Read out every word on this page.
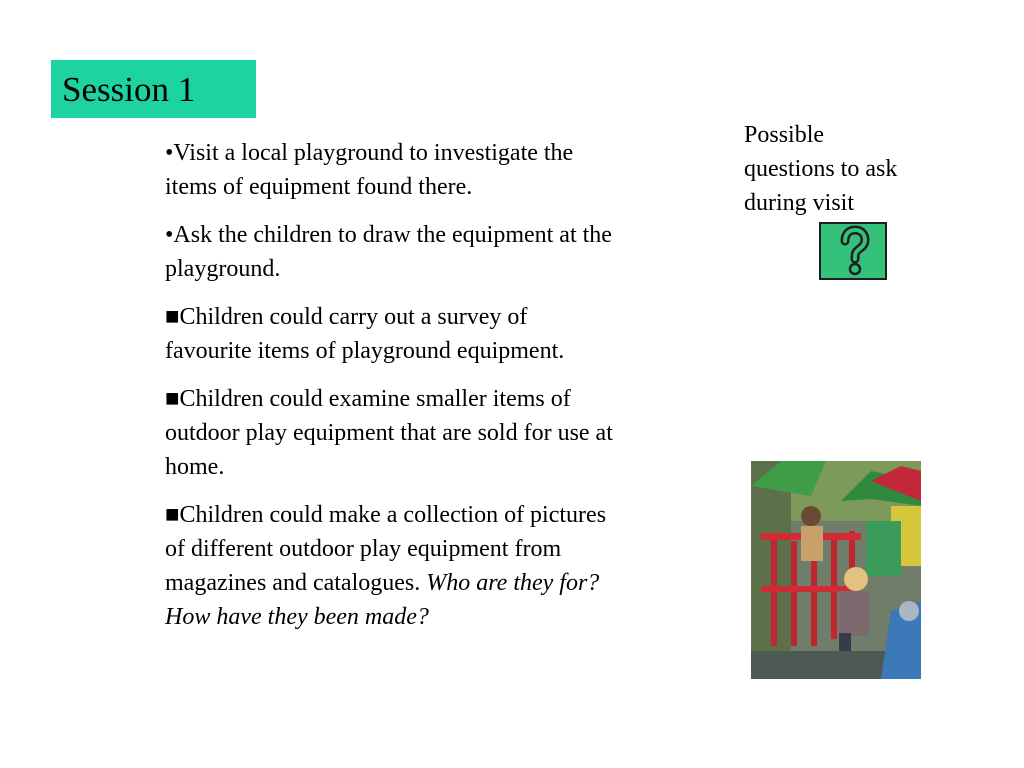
Session 1

•Visit a local playground to investigate the items of equipment found there.

•Ask the children to draw the equipment at the playground.

■Children could carry out a survey of favourite items of playground equipment.

■Children could examine smaller items of outdoor play equipment that are sold for use at home.

■Children could make a collection of pictures of different outdoor play equipment from magazines and catalogues. Who are they for? How have they been made?

Possible questions to ask during visit
